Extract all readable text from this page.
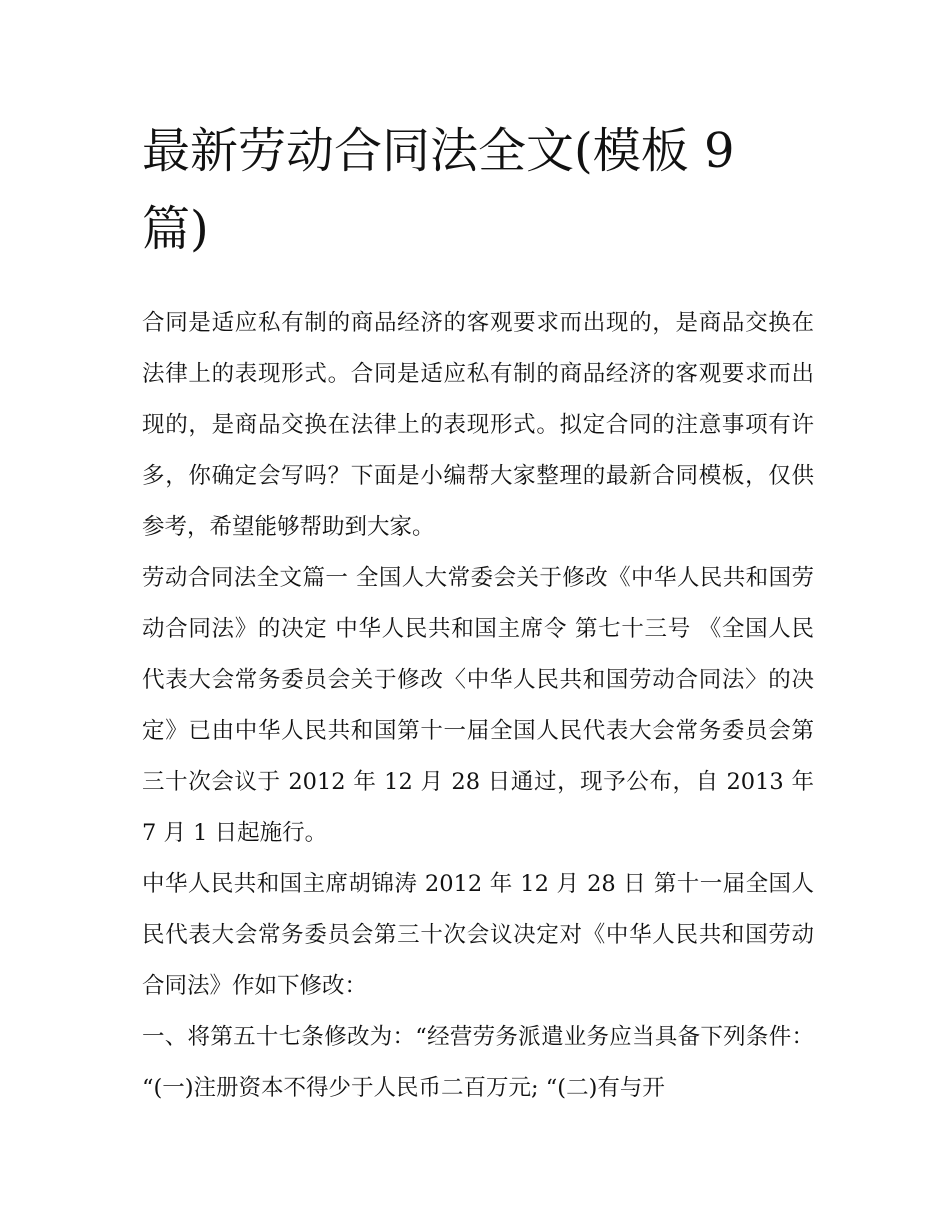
最新劳动合同法全文(模板 9 篇)

合同是适应私有制的商品经济的客观要求而出现的，是商品交换在法律上的表现形式。合同是适应私有制的商品经济的客观要求而出现的，是商品交换在法律上的表现形式。拟定合同的注意事项有许多，你确定会写吗？下面是小编帮大家整理的最新合同模板，仅供参考，希望能够帮助到大家。

劳动合同法全文篇一 全国人大常委会关于修改《中华人民共和国劳动合同法》的决定 中华人民共和国主席令 第七十三号 《全国人民代表大会常务委员会关于修改〈中华人民共和国劳动合同法〉的决定》已由中华人民共和国第十一届全国人民代表大会常务委员会第三十次会议于 2012 年 12 月 28 日通过，现予公布，自 2013 年 7 月 1 日起施行。

中华人民共和国主席胡锦涛 2012 年 12 月 28 日 第十一届全国人民代表大会常务委员会第三十次会议决定对《中华人民共和国劳动合同法》作如下修改：

一、将第五十七条修改为：“经营劳务派遣业务应当具备下列条件： “(一)注册资本不得少于人民币二百万元; “(二)有与开
